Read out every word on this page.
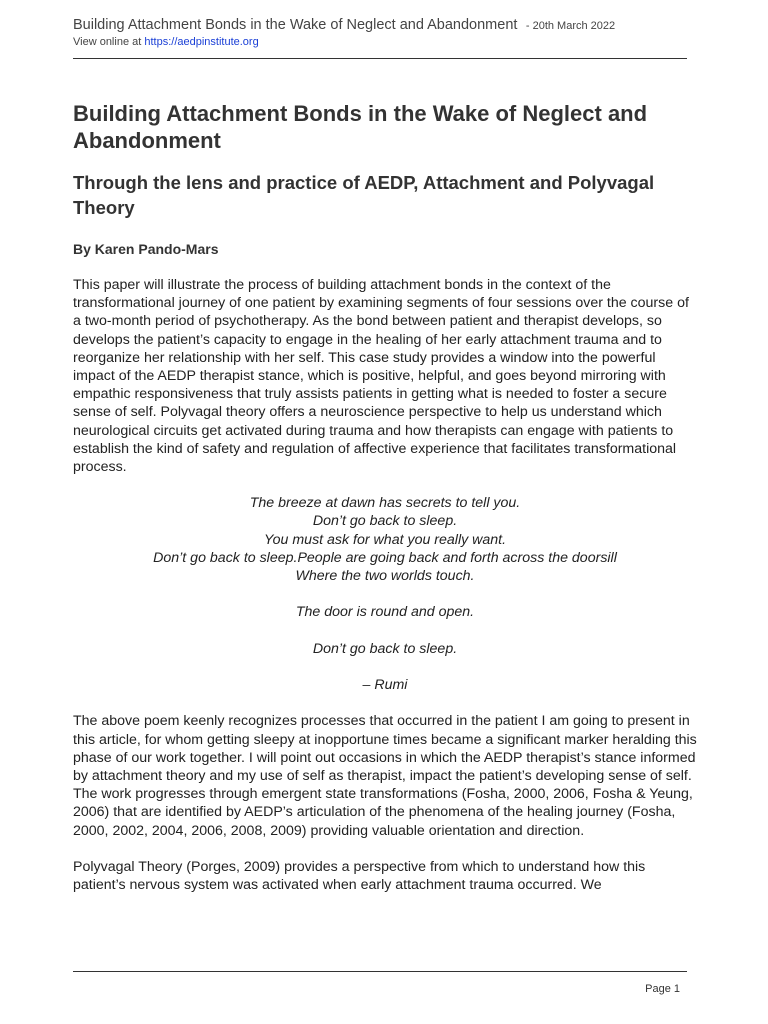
Building Attachment Bonds in the Wake of Neglect and Abandonment - 20th March 2022
View online at https://aedpinstitute.org
Building Attachment Bonds in the Wake of Neglect and Abandonment
Through the lens and practice of AEDP, Attachment and Polyvagal Theory
By Karen Pando-Mars

This paper will illustrate the process of building attachment bonds in the context of the transformational journey of one patient by examining segments of four sessions over the course of a two-month period of psychotherapy. As the bond between patient and therapist develops, so develops the patient’s capacity to engage in the healing of her early attachment trauma and to reorganize her relationship with her self. This case study provides a window into the powerful impact of the AEDP therapist stance, which is positive, helpful, and goes beyond mirroring with empathic responsiveness that truly assists patients in getting what is needed to foster a secure sense of self. Polyvagal theory offers a neuroscience perspective to help us understand which neurological circuits get activated during trauma and how therapists can engage with patients to establish the kind of safety and regulation of affective experience that facilitates transformational process.

The breeze at dawn has secrets to tell you.
Don’t go back to sleep.
You must ask for what you really want.
Don’t go back to sleep.People are going back and forth across the doorsill
Where the two worlds touch.
The door is round and open.
Don’t go back to sleep.
– Rumi

The above poem keenly recognizes processes that occurred in the patient I am going to present in this article, for whom getting sleepy at inopportune times became a significant marker heralding this phase of our work together. I will point out occasions in which the AEDP therapist’s stance informed by attachment theory and my use of self as therapist, impact the patient’s developing sense of self. The work progresses through emergent state transformations (Fosha, 2000, 2006, Fosha & Yeung, 2006) that are identified by AEDP’s articulation of the phenomena of the healing journey (Fosha, 2000, 2002, 2004, 2006, 2008, 2009) providing valuable orientation and direction.

Polyvagal Theory (Porges, 2009) provides a perspective from which to understand how this patient’s nervous system was activated when early attachment trauma occurred. We

Page 1
